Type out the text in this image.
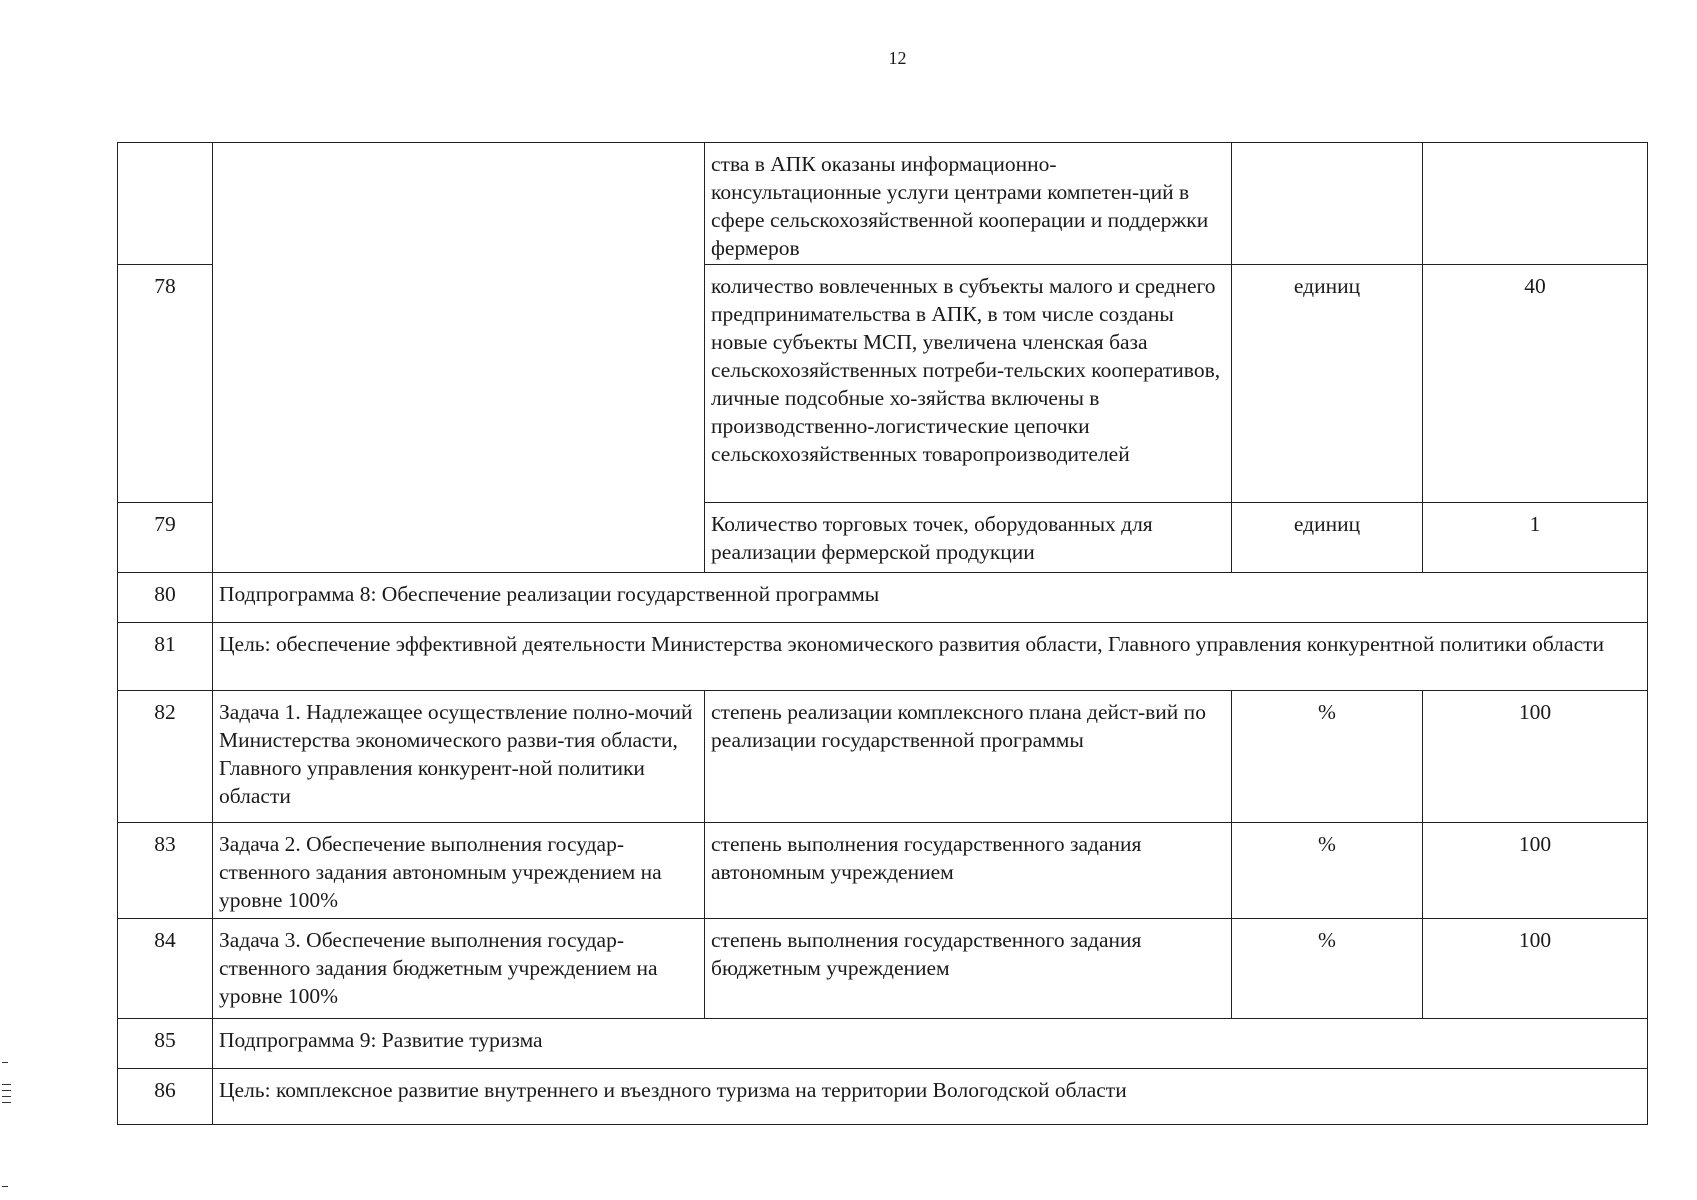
12
		ства в АПК оказаны информационно-консультационные услуги центрами компетен-ций в сфере сельскохозяйственной кооперации и поддержки фермеров		
78		количество вовлеченных в субъекты малого и среднего предпринимательства в АПК, в том числе созданы новые субъекты МСП, увеличена членская база сельскохозяйственных потреби-тельских кооперативов, личные подсобные хо-зяйства включены в производственно-логистические цепочки сельскохозяйственных товаропроизводителей	единиц	40
79		Количество торговых точек, оборудованных для реализации фермерской продукции	единиц	1
80	Подпрограмма 8: Обеспечение реализации государственной программы			
81	Цель: обеспечение эффективной деятельности Министерства экономического развития области, Главного управления конкурентной политики области			
82	Задача 1. Надлежащее осуществление полно-мочий Министерства экономического разви-тия области, Главного управления конкурент-ной политики области	степень реализации комплексного плана дейст-вий по реализации государственной программы	%	100
83	Задача 2. Обеспечение выполнения государ-ственного задания автономным учреждением на уровне 100%	степень выполнения государственного задания автономным учреждением	%	100
84	Задача 3. Обеспечение выполнения государ-ственного задания бюджетным учреждением на уровне 100%	степень выполнения государственного задания бюджетным учреждением	%	100
85	Подпрограмма 9: Развитие туризма			
86	Цель: комплексное развитие внутреннего и въездного туризма на территории Вологодской области			
